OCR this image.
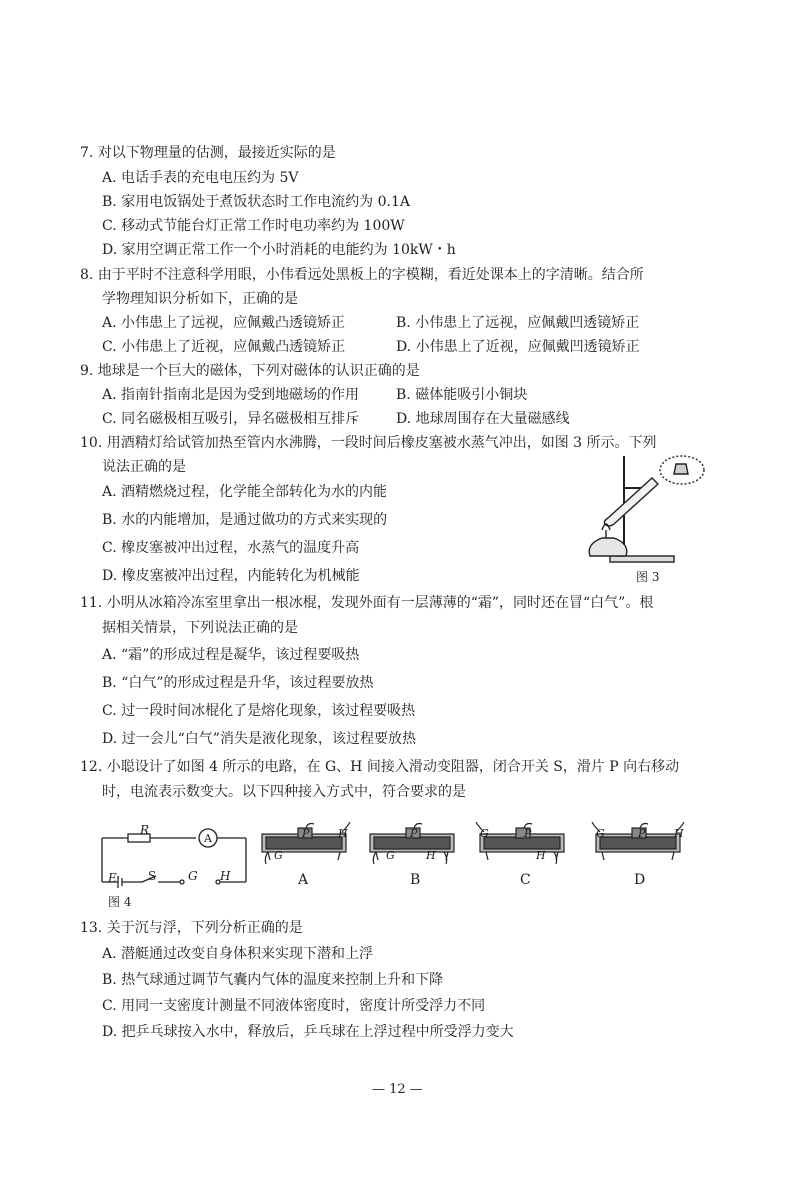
7. 对以下物理量的估测，最接近实际的是
A. 电话手表的充电电压约为 5V
B. 家用电饭锅处于煮饭状态时工作电流约为 0.1A
C. 移动式节能台灯正常工作时电功率约为 100W
D. 家用空调正常工作一个小时消耗的电能约为 10kW・h
8. 由于平时不注意科学用眼，小伟看远处黑板上的字模糊，看近处课本上的字清晰。结合所
学物理知识分析如下，正确的是
A. 小伟患上了远视，应佩戴凸透镜矫正	B. 小伟患上了远视，应佩戴凹透镜矫正
C. 小伟患上了近视，应佩戴凸透镜矫正	D. 小伟患上了近视，应佩戴凹透镜矫正
9. 地球是一个巨大的磁体，下列对磁体的认识正确的是
A. 指南针指南北是因为受到地磁场的作用	B. 磁体能吸引小铜块
C. 同名磁极相互吸引，异名磁极相互排斥	D. 地球周围存在大量磁感线
10. 用酒精灯给试管加热至管内水沸腾，一段时间后橡皮塞被水蒸气冲出，如图 3 所示。下列
说法正确的是
A. 酒精燃烧过程，化学能全部转化为水的内能
B. 水的内能增加，是通过做功的方式来实现的
C. 橡皮塞被冲出过程，水蒸气的温度升高
D. 橡皮塞被冲出过程，内能转化为机械能	图 3
11. 小明从冰箱冷冻室里拿出一根冰棍，发现外面有一层薄薄的“霜”，同时还在冒“白气”。根
据相关情景，下列说法正确的是
A. “霜”的形成过程是凝华，该过程要吸热
B. “白气”的形成过程是升华，该过程要放热
C. 过一段时间冰棍化了是熔化现象，该过程要吸热
D. 过一会儿“白气”消失是液化现象，该过程要放热
12. 小聪设计了如图 4 所示的电路，在 G、H 间接入滑动变阻器，闭合开关 S，滑片 P 向右移动
时，电流表示数变大。以下四种接入方式中，符合要求的是
R
A
E	S	G H
图 4
P	H
G
A
P
G	H
B
G	P
H
C
G	P	H
D
13. 关于沉与浮，下列分析正确的是
A. 潜艇通过改变自身体积来实现下潜和上浮
B. 热气球通过调节气囊内气体的温度来控制上升和下降
C. 用同一支密度计测量不同液体密度时，密度计所受浮力不同
D. 把乒乓球按入水中，释放后，乒乓球在上浮过程中所受浮力变大
— 12 —
